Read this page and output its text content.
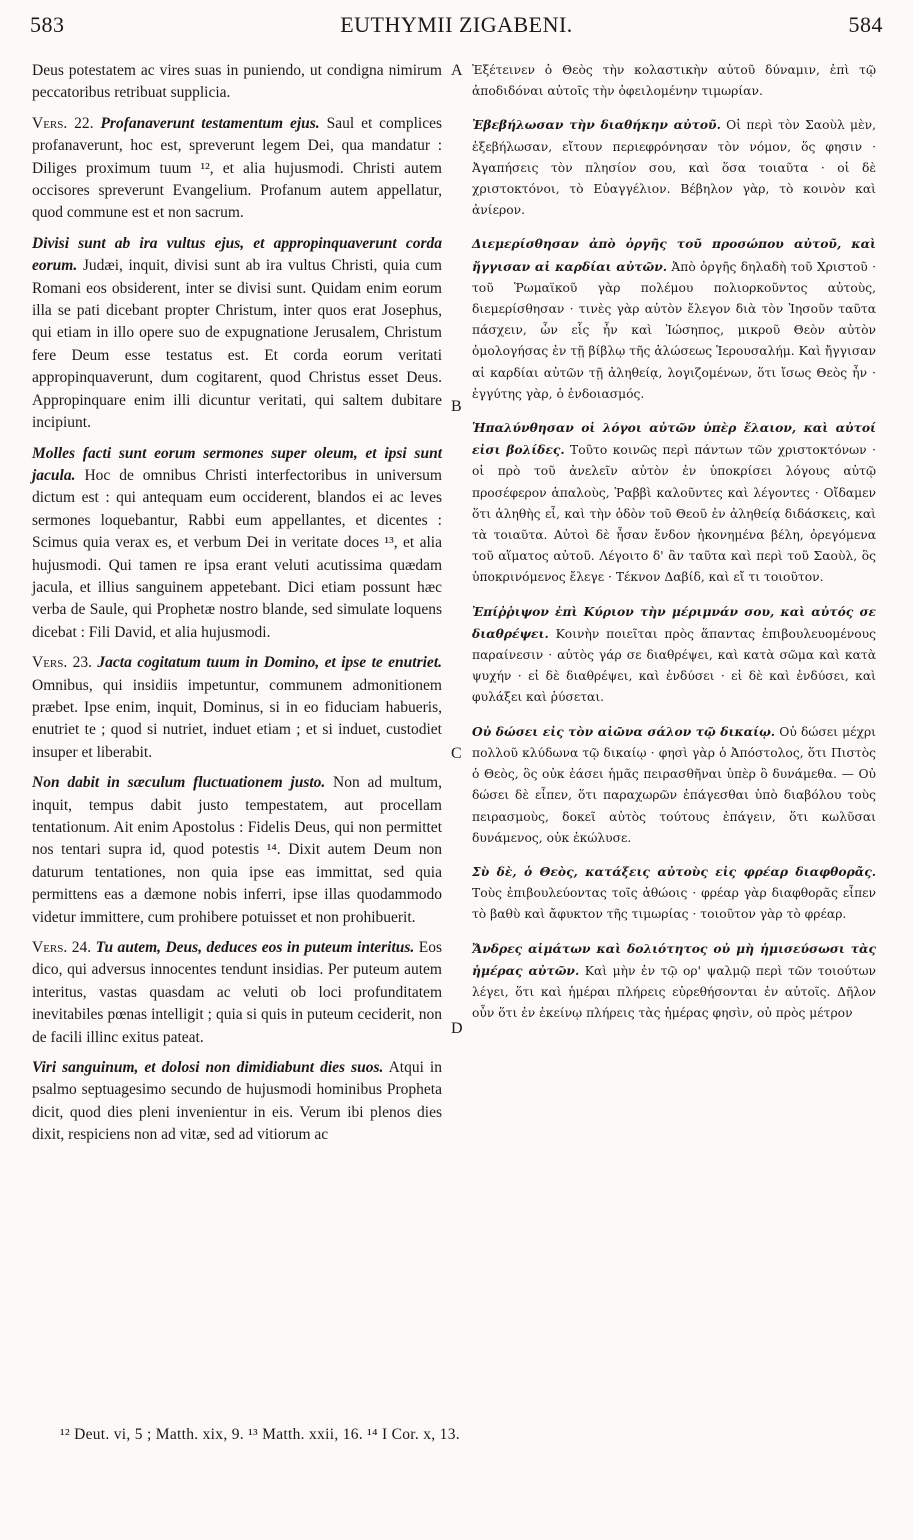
EUTHYMII ZIGABENI.
583	584

Deus potestatem ac vires suas in puniendo, ut condigna nimirum peccatoribus retribuat supplicia.

Vers. 22. Profanaverunt testamentum ejus. Saul et complices profanaverunt, hoc est, spreverunt legem Dei, qua mandatur : Diliges proximum tuum ¹², et alia hujusmodi. Christi autem occisores spreverunt Evangelium. Profanum autem appellatur, quod commune est et non sacrum.

Divisi sunt ab ira vultus ejus, et appropinquaverunt corda eorum. Judæi, inquit, divisi sunt ab ira vultus Christi, quia cum Romani eos obsiderent, inter se divisi sunt. Quidam enim eorum illa se pati dicebant propter Christum, inter quos erat Josephus, qui etiam in illo opere suo de expugnatione Jerusalem, Christum fere Deum esse testatus est. Et corda eorum veritati appropinquaverunt, dum cogitarent, quod Christus esset Deus. Appropinquare enim illi dicuntur veritati, qui saltem dubitare incipiunt.

Molles facti sunt eorum sermones super oleum, et ipsi sunt jacula. Hoc de omnibus Christi interfectoribus in universum dictum est : qui antequam eum occiderent, blandos ei ac leves sermones loquebantur, Rabbi eum appellantes, et dicentes : Scimus quia verax es, et verbum Dei in veritate doces ¹³, et alia hujusmodi. Qui tamen re ipsa erant veluti acutissima quædam jacula, et illius sanguinem appetebant. Dici etiam possunt hæc verba de Saule, qui Prophetæ nostro blande, sed simulate loquens dicebat : Fili David, et alia hujusmodi.

Vers. 23. Jacta cogitatum tuum in Domino, et ipse te enutriet. Omnibus, qui insidiis impetuntur, communem admonitionem præbet. Ipse enim, inquit, Dominus, si in eo fiduciam habueris, enutriet te ; quod si nutriet, induet etiam ; et si induet, custodiet insuper et liberabit.

Non dabit in sæculum fluctuationem justo. Non ad multum, inquit, tempus dabit justo tempestatem, aut procellam tentationum. Ait enim Apostolus : Fidelis Deus, qui non permittet nos tentari supra id, quod potestis ¹⁴. Dixit autem Deum non daturum tentationes, non quia ipse eas immittat, sed quia permittens eas a dæmone nobis inferri, ipse illas quodammodo videtur immittere, cum prohibere potuisset et non prohibuerit.

Vers. 24. Tu autem, Deus, deduces eos in puteum interitus. Eos dico, qui adversus innocentes tendunt insidias. Per puteum autem interitus, vastas quasdam ac veluti ob loci profunditatem inevitabiles pœnas intelligit ; quia si quis in puteum ceciderit, non de facili illinc exitus pateat.

Viri sanguinum, et dolosi non dimidiabunt dies suos. Atqui in psalmo septuagesimo secundo de hujusmodi hominibus Propheta dicit, quod dies pleni invenientur in eis. Verum ibi plenos dies dixit, respiciens non ad vitæ, sed ad vitiorum ac

Ἐξέτεινεν ὁ Θεὸς τὴν κολαστικὴν αὐτοῦ δύναμιν, ἐπὶ τῷ ἀποδιδόναι αὐτοῖς τὴν ὀφειλομένην τιμωρίαν.

Ἐβεβήλωσαν τὴν διαθήκην αὐτοῦ. Οἱ περὶ τὸν Σαοὺλ μὲν, ἐξεβήλωσαν, εἴτουν περιεφρόνησαν τὸν νόμον, ὅς φησιν · Ἀγαπήσεις τὸν πλησίον σου, καὶ ὅσα τοιαῦτα · οἱ δὲ χριστοκτόνοι, τὸ Εὐαγγέλιον. Βέβηλον γὰρ, τὸ κοινὸν καὶ ἀνίερον.

Διεμερίσθησαν ἀπὸ ὀργῆς τοῦ προσώπου αὐτοῦ, καὶ ἤγγισαν αἱ καρδίαι αὐτῶν. Ἀπὸ ὀργῆς δηλαδὴ τοῦ Χριστοῦ · τοῦ Ῥωμαϊκοῦ γὰρ πολέμου πολιορκοῦντος αὐτοὺς, διεμερίσθησαν · τινὲς γὰρ αὐτὸν ἔλεγον διὰ τὸν Ἰησοῦν ταῦτα πάσχειν, ὧν εἷς ἦν καὶ Ἰώσηπος, μικροῦ Θεὸν αὐτὸν ὁμολογήσας ἐν τῇ βίβλῳ τῆς ἁλώσεως Ἱερουσαλήμ. Καὶ ἤγγισαν αἱ καρδίαι αὐτῶν τῇ ἀληθείᾳ, λογιζομένων, ὅτι ἴσως Θεὸς ἦν · ἐγγύτης γὰρ, ὁ ἐνδοιασμός.

Ἡπαλύνθησαν οἱ λόγοι αὐτῶν ὑπὲρ ἔλαιον, καὶ αὐτοί εἰσι βολίδες. Τοῦτο κοινῶς περὶ πάντων τῶν χριστοκτόνων · οἱ πρὸ τοῦ ἀνελεῖν αὐτὸν ἐν ὑποκρίσει λόγους αὐτῷ προσέφερον ἁπαλοὺς, Ῥαββὶ καλοῦντες καὶ λέγοντες · Οἴδαμεν ὅτι ἀληθὴς εἶ, καὶ τὴν ὁδὸν τοῦ Θεοῦ ἐν ἀληθείᾳ διδάσκεις, καὶ τὰ τοιαῦτα. Αὐτοὶ δὲ ἦσαν ἔνδον ἠκονημένα βέλη, ὀρεγόμενα τοῦ αἵματος αὐτοῦ. Λέγοιτο δ' ἂν ταῦτα καὶ περὶ τοῦ Σαοὺλ, ὃς ὑποκρινόμενος ἔλεγε · Τέκνον Δαβίδ, καὶ εἴ τι τοιοῦτον.

Ἐπίῤῥιψον ἐπὶ Κύριον τὴν μέριμνάν σου, καὶ αὐτός σε διαθρέψει. Κοινὴν ποιεῖται πρὸς ἅπαντας ἐπιβουλευομένους παραίνεσιν · αὐτὸς γάρ σε διαθρέψει, καὶ κατὰ σῶμα καὶ κατὰ ψυχήν · εἰ δὲ διαθρέψει, καὶ ἐνδύσει · εἰ δὲ καὶ ἐνδύσει, καὶ φυλάξει καὶ ῥύσεται.

Οὐ δώσει εἰς τὸν αἰῶνα σάλον τῷ δικαίῳ. Οὐ δώσει μέχρι πολλοῦ κλύδωνα τῷ δικαίῳ · φησὶ γὰρ ὁ Ἀπόστολος, ὅτι Πιστὸς ὁ Θεὸς, ὃς οὐκ ἐάσει ἡμᾶς πειρασθῆναι ὑπὲρ ὃ δυνάμεθα. — Οὐ δώσει δὲ εἶπεν, ὅτι παραχωρῶν ἐπάγεσθαι ὑπὸ διαβόλου τοὺς πειρασμοὺς, δοκεῖ αὐτὸς τούτους ἐπάγειν, ὅτι κωλῦσαι δυνάμενος, οὐκ ἐκώλυσε.

Σὺ δὲ, ὁ Θεὸς, κατάξεις αὐτοὺς εἰς φρέαρ διαφθορᾶς. Τοὺς ἐπιβουλεύοντας τοῖς ἀθώοις · φρέαρ γὰρ διαφθορᾶς εἶπεν τὸ βαθὺ καὶ ἄφυκτον τῆς τιμωρίας · τοιοῦτον γὰρ τὸ φρέαρ.

Ἄνδρες αἱμάτων καὶ δολιότητος οὐ μὴ ἡμισεύσωσι τὰς ἡμέρας αὐτῶν. Καὶ μὴν ἐν τῷ ορ' ψαλμῷ περὶ τῶν τοιούτων λέγει, ὅτι καὶ ἡμέραι πλήρεις εὑρεθήσονται ἐν αὐτοῖς. Δῆλον οὖν ὅτι ἐν ἐκείνῳ πλήρεις τὰς ἡμέρας φησὶν, οὐ πρὸς μέτρον

A
B
C
D
¹² Deut. vi, 5 ; Matth. xix, 9. ¹³ Matth. xxii, 16. ¹⁴ I Cor. x, 13.
